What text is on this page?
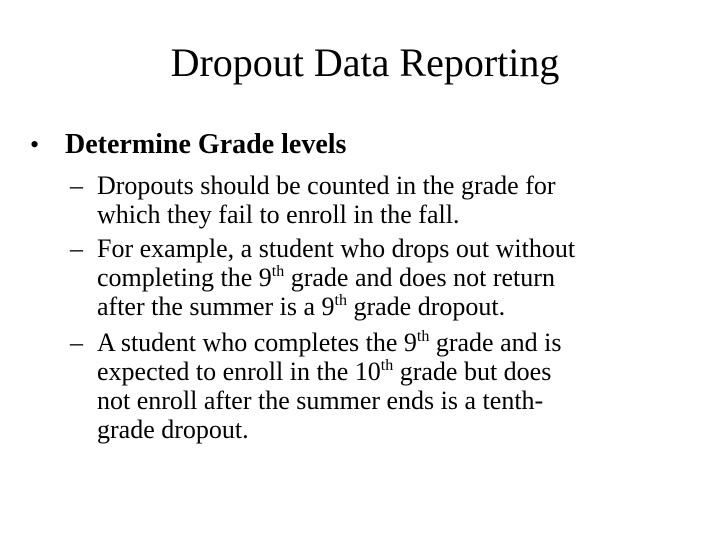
Dropout Data Reporting
• Determine Grade levels
– Dropouts should be counted in the grade for
which they fail to enroll in the fall.
– For example, a student who drops out without
completing the 9th grade and does not return
after the summer is a 9th grade dropout.
– A student who completes the 9th grade and is
expected to enroll in the 10th grade but does
not enroll after the summer ends is a tenth-
grade dropout.
